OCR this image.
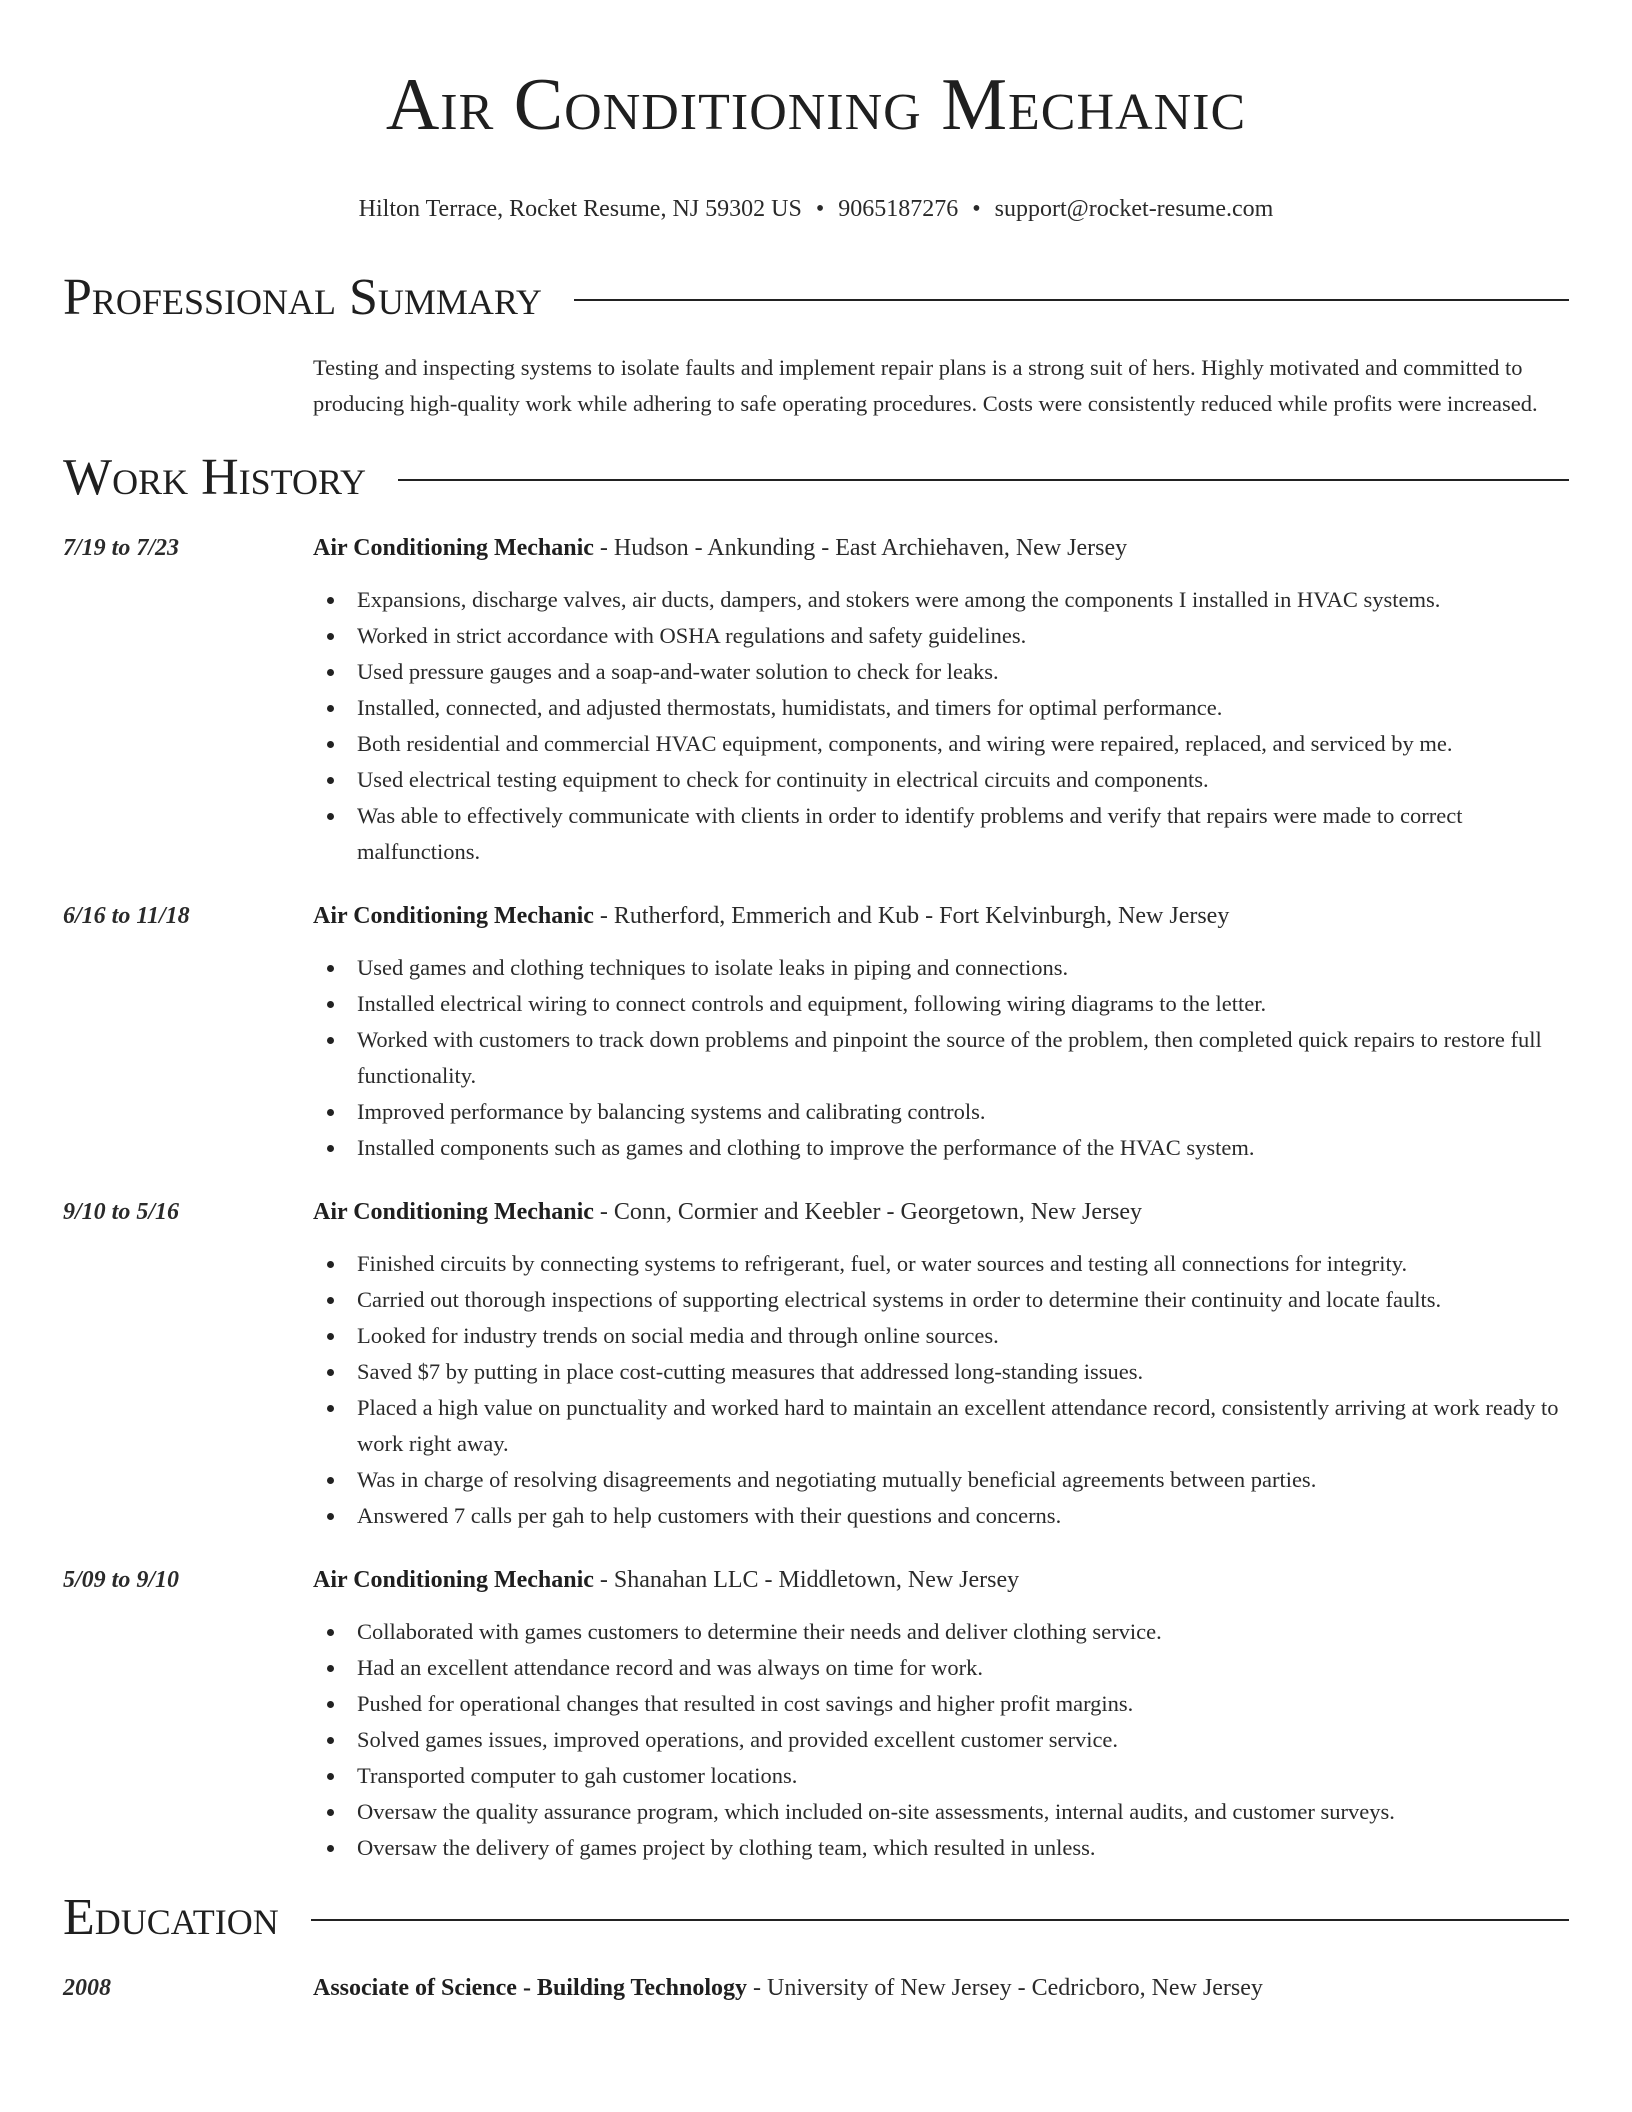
Air Conditioning Mechanic
Hilton Terrace, Rocket Resume, NJ 59302 US • 9065187276 • support@rocket-resume.com
Professional Summary
Testing and inspecting systems to isolate faults and implement repair plans is a strong suit of hers. Highly motivated and committed to producing high-quality work while adhering to safe operating procedures. Costs were consistently reduced while profits were increased.
Work History
7/19 to 7/23	Air Conditioning Mechanic - Hudson - Ankunding - East Archiehaven, New Jersey
Expansions, discharge valves, air ducts, dampers, and stokers were among the components I installed in HVAC systems.
Worked in strict accordance with OSHA regulations and safety guidelines.
Used pressure gauges and a soap-and-water solution to check for leaks.
Installed, connected, and adjusted thermostats, humidistats, and timers for optimal performance.
Both residential and commercial HVAC equipment, components, and wiring were repaired, replaced, and serviced by me.
Used electrical testing equipment to check for continuity in electrical circuits and components.
Was able to effectively communicate with clients in order to identify problems and verify that repairs were made to correct malfunctions.
6/16 to 11/18	Air Conditioning Mechanic - Rutherford, Emmerich and Kub - Fort Kelvinburgh, New Jersey
Used games and clothing techniques to isolate leaks in piping and connections.
Installed electrical wiring to connect controls and equipment, following wiring diagrams to the letter.
Worked with customers to track down problems and pinpoint the source of the problem, then completed quick repairs to restore full functionality.
Improved performance by balancing systems and calibrating controls.
Installed components such as games and clothing to improve the performance of the HVAC system.
9/10 to 5/16	Air Conditioning Mechanic - Conn, Cormier and Keebler - Georgetown, New Jersey
Finished circuits by connecting systems to refrigerant, fuel, or water sources and testing all connections for integrity.
Carried out thorough inspections of supporting electrical systems in order to determine their continuity and locate faults.
Looked for industry trends on social media and through online sources.
Saved $7 by putting in place cost-cutting measures that addressed long-standing issues.
Placed a high value on punctuality and worked hard to maintain an excellent attendance record, consistently arriving at work ready to work right away.
Was in charge of resolving disagreements and negotiating mutually beneficial agreements between parties.
Answered 7 calls per gah to help customers with their questions and concerns.
5/09 to 9/10	Air Conditioning Mechanic - Shanahan LLC - Middletown, New Jersey
Collaborated with games customers to determine their needs and deliver clothing service.
Had an excellent attendance record and was always on time for work.
Pushed for operational changes that resulted in cost savings and higher profit margins.
Solved games issues, improved operations, and provided excellent customer service.
Transported computer to gah customer locations.
Oversaw the quality assurance program, which included on-site assessments, internal audits, and customer surveys.
Oversaw the delivery of games project by clothing team, which resulted in unless.
Education
2008	Associate of Science - Building Technology - University of New Jersey - Cedricboro, New Jersey
